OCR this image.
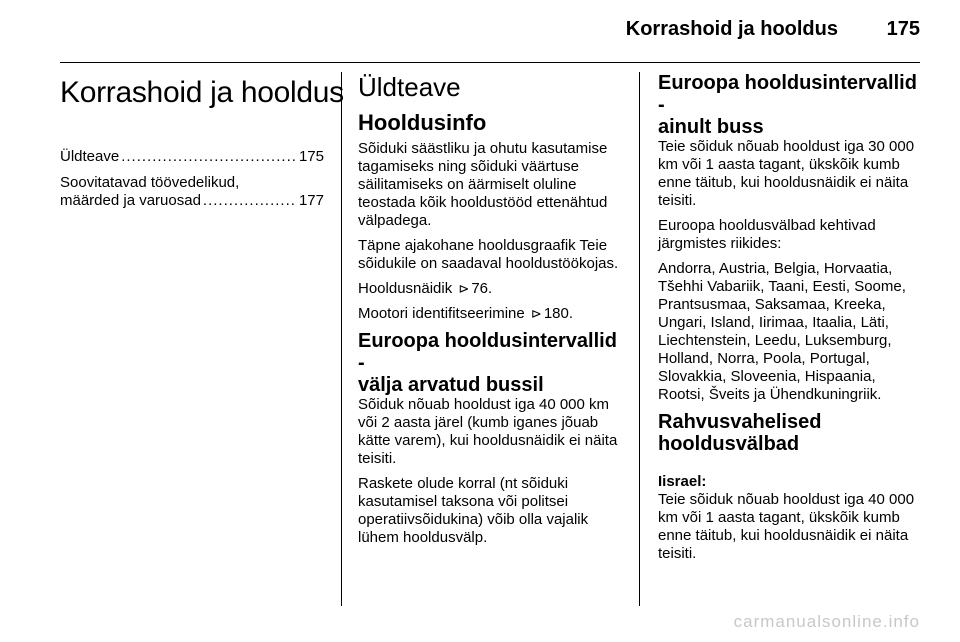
Korrashoid ja hooldus 175
Korrashoid ja hooldus
Üldteave .....	175
Soovitatavad töövedelikud,
määrded ja varuosad .....	177
Üldteave
Hooldusinfo

Sõiduki säästliku ja ohutu kasutamise tagamiseks ning sõiduki väärtuse säilitamiseks on äärmiselt oluline teostada kõik hooldustööd ettenähtud välpadega.

Täpne ajakohane hooldusgraafik Teie sõidukile on saadaval hooldustöökojas.

Hooldusnäidik ⊳ 76.

Mootori identifitseerimine ⊳ 180.

Euroopa hooldusintervallid -
välja arvatud bussil

Sõiduk nõuab hooldust iga 40 000 km või 2 aasta järel (kumb iganes jõuab kätte varem), kui hooldusnäidik ei näita teisiti.

Raskete olude korral (nt sõiduki kasutamisel taksona või politsei operatiivsõidukina) võib olla vajalik lühem hooldusvälp.

Euroopa hooldusintervallid -
ainult buss

Teie sõiduk nõuab hooldust iga 30 000 km või 1 aasta tagant, ükskõik kumb enne täitub, kui hooldusnäidik ei näita teisiti.

Euroopa hooldusvälbad kehtivad järgmistes riikides:

Andorra, Austria, Belgia, Horvaatia, Tšehhi Vabariik, Taani, Eesti, Soome, Prantsusmaa, Saksamaa, Kreeka, Ungari, Island, Iirimaa, Itaalia, Läti, Liechtenstein, Leedu, Luksemburg, Holland, Norra, Poola, Portugal, Slovakkia, Sloveenia, Hispaania, Rootsi, Šveits ja Ühendkuningriik.

Rahvusvahelised
hooldusvälbad
Iisrael:

Teie sõiduk nõuab hooldust iga 40 000 km või 1 aasta tagant, ükskõik kumb enne täitub, kui hooldusnäidik ei näita teisiti.

carmanualsonline.info
